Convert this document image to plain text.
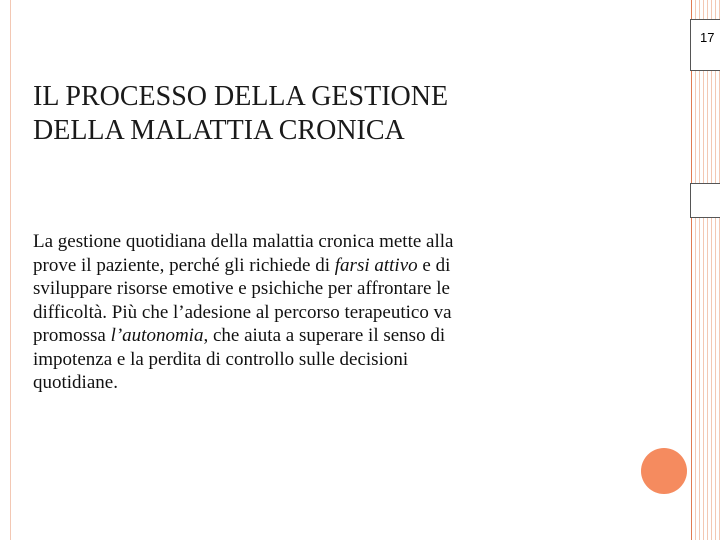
17
IL PROCESSO DELLA GESTIONE
DELLA MALATTIA CRONICA

La gestione quotidiana della malattia cronica mette alla prove il paziente, perché gli richiede di farsi attivo e di sviluppare risorse emotive e psichiche per affrontare le difficoltà. Più che l’adesione al percorso terapeutico va promossa l’autonomia, che aiuta a superare il senso di impotenza e la perdita di controllo sulle decisioni quotidiane.
